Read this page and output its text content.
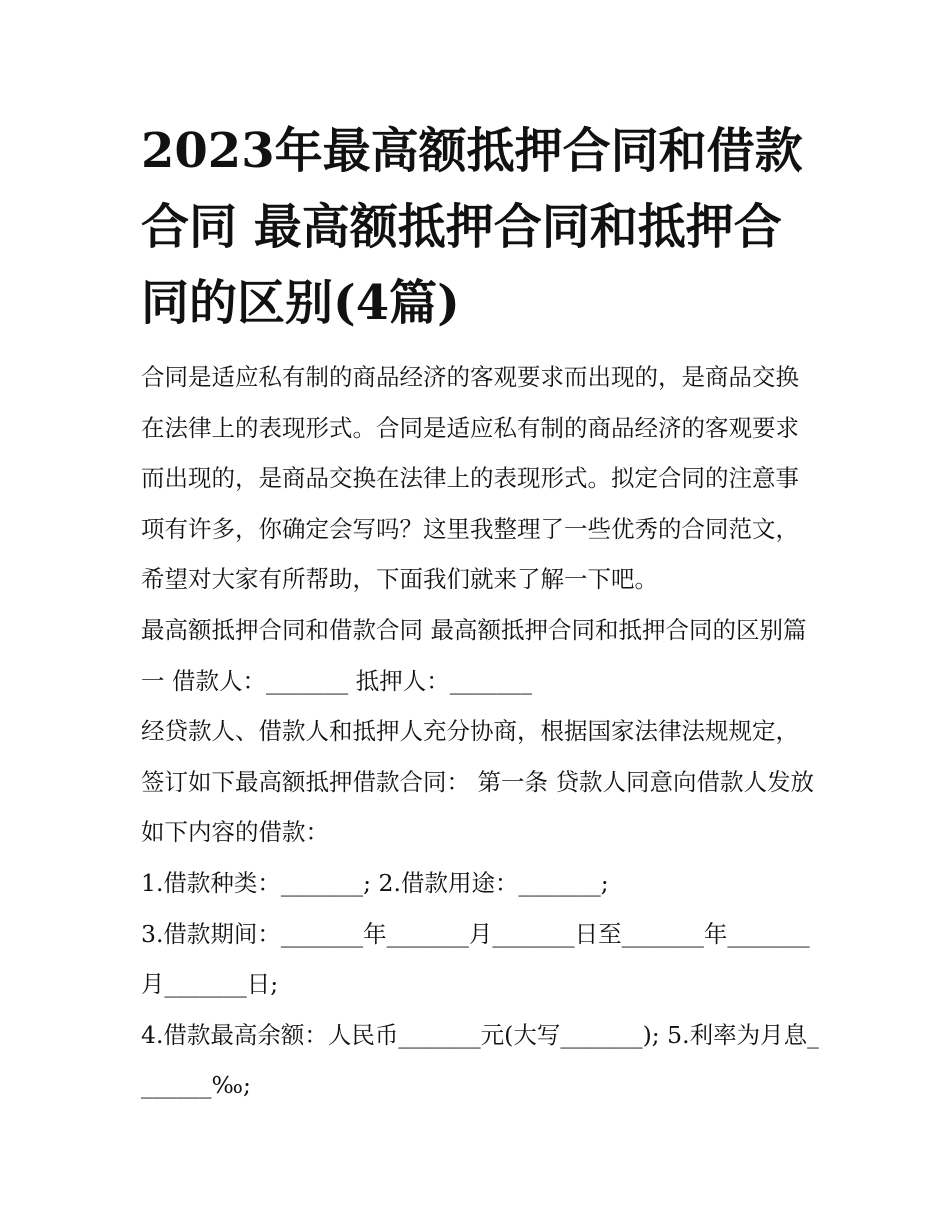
2023年最高额抵押合同和借款合同 最高额抵押合同和抵押合同的区别(4篇)

合同是适应私有制的商品经济的客观要求而出现的，是商品交换在法律上的表现形式。合同是适应私有制的商品经济的客观要求而出现的，是商品交换在法律上的表现形式。拟定合同的注意事项有许多，你确定会写吗？这里我整理了一些优秀的合同范文，希望对大家有所帮助，下面我们就来了解一下吧。

最高额抵押合同和借款合同 最高额抵押合同和抵押合同的区别篇一 借款人：_______ 抵押人：_______

经贷款人、借款人和抵押人充分协商，根据国家法律法规规定，签订如下最高额抵押借款合同： 第一条 贷款人同意向借款人发放如下内容的借款：

1.借款种类：_______; 2.借款用途：_______;

3.借款期间：_______年_______月_______日至_______年_______月_______日;

4.借款最高余额：人民币_______元(大写_______); 5.利率为月息_______‰;
